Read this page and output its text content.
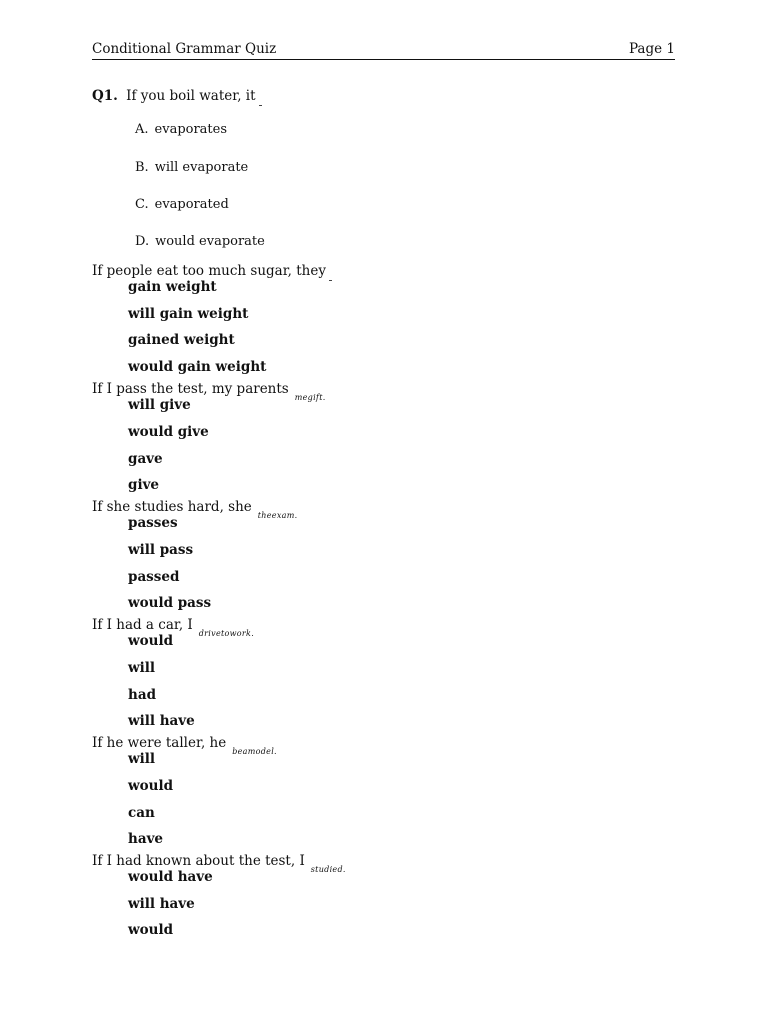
Conditional Grammar Quiz	Page 1
Q1. If you boil water, it
A. evaporates
B. will evaporate
C. evaporated
D. would evaporate
If people eat too much sugar, they
gain weight
will gain weight
gained weight
would gain weight
If I pass the test, my parentsmegift.
will give
would give
gave
give
If she studies hard, shetheexam.
passes
will pass
passed
would pass
If I had a car, Idrivetowork.
would
will
had
will have
If he were taller, hebeamodel.
will
would
can
have
If I had known about the test, Istudied.
would have
will have
would
